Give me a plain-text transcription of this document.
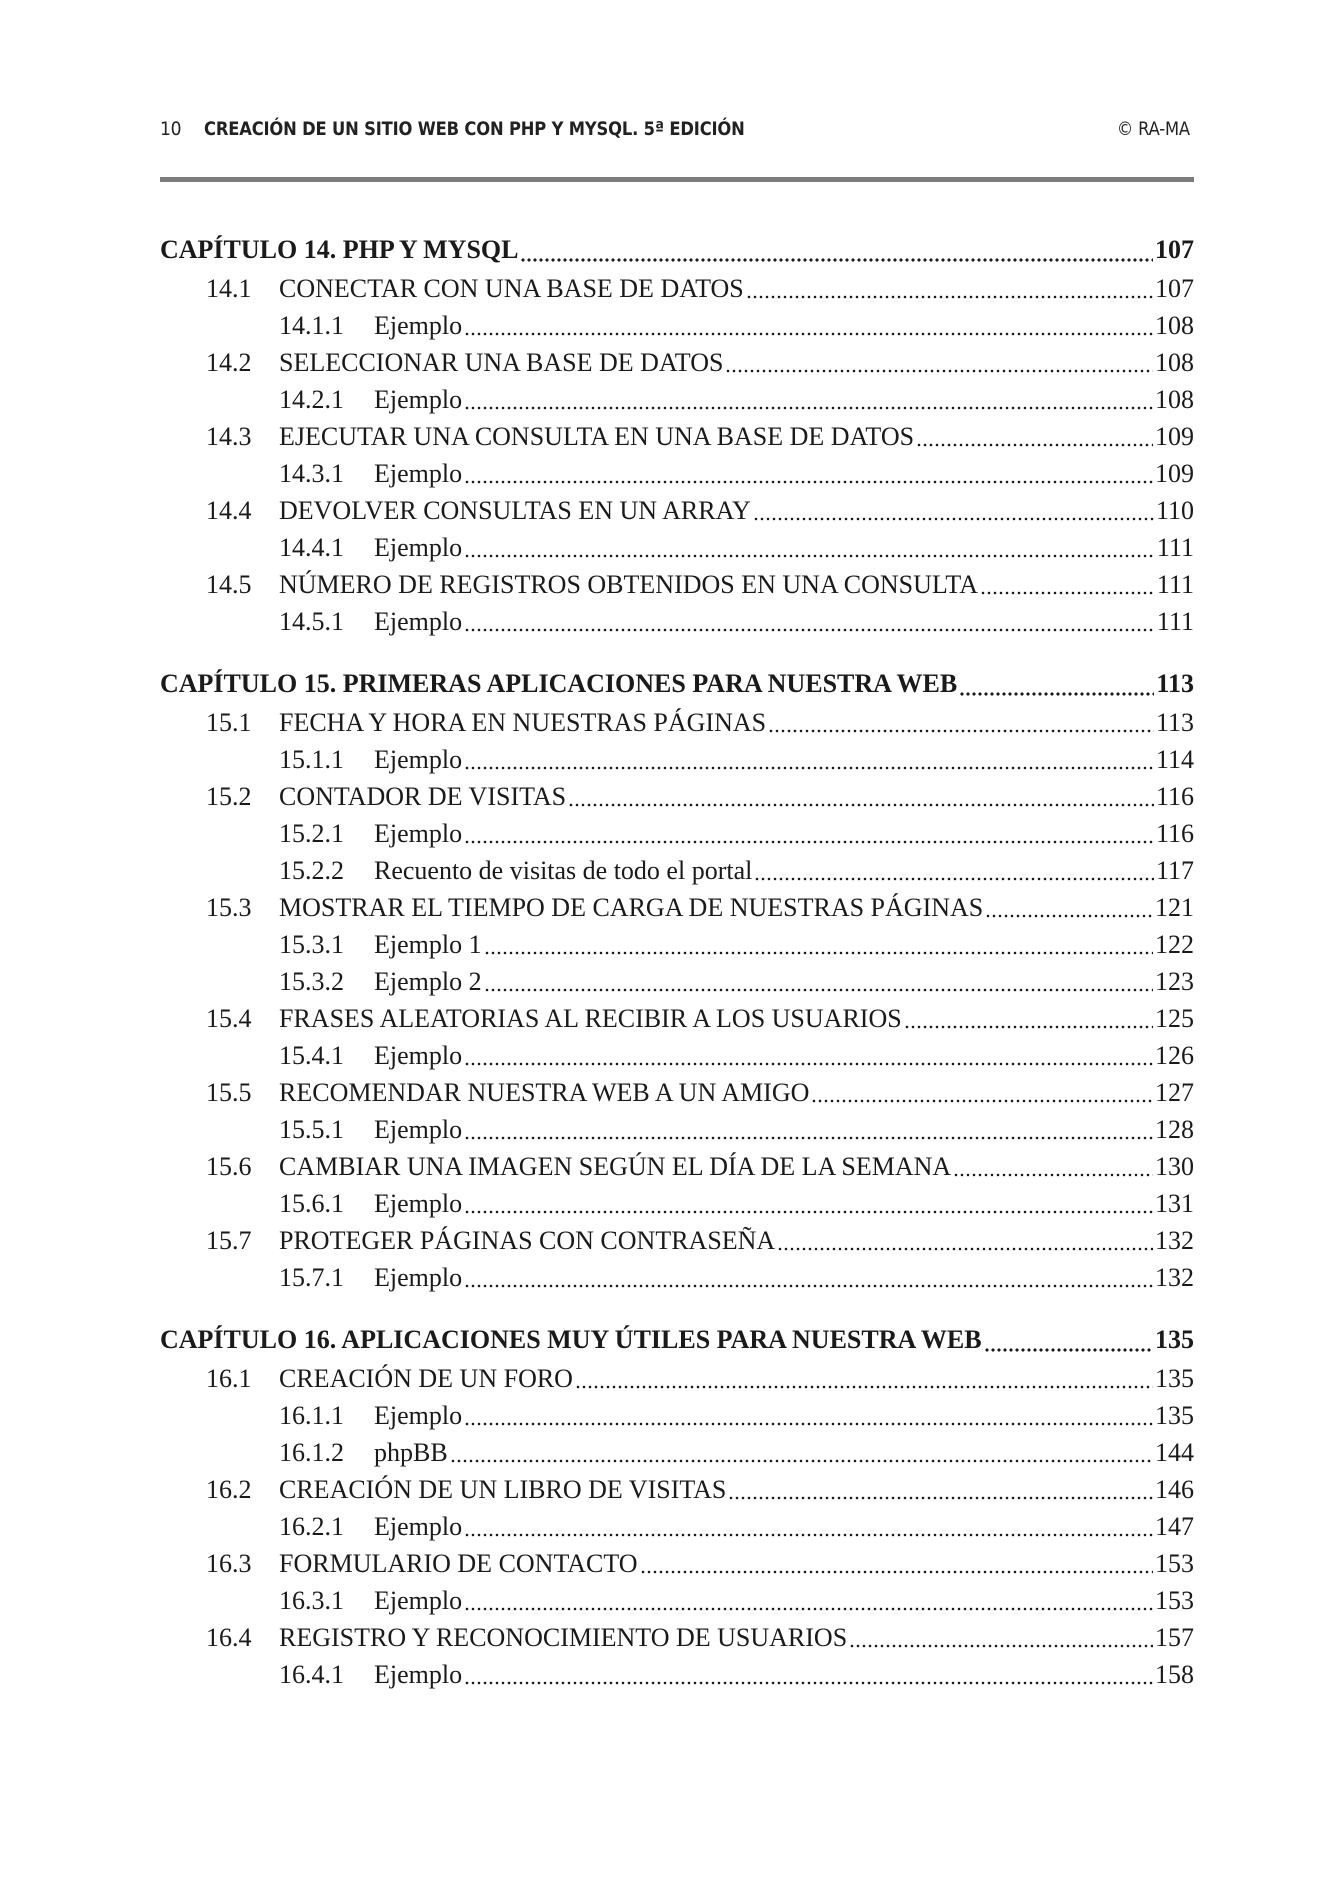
10 CREACIÓN DE UN SITIO WEB CON PHP Y MYSQL. 5ª EDICIÓN	© RA-MA
CAPÍTULO 14. PHP Y MYSQL	107
14.1	CONECTAR CON UNA BASE DE DATOS	107
14.1.1	Ejemplo	108
14.2	SELECCIONAR UNA BASE DE DATOS	108
14.2.1	Ejemplo	108
14.3	EJECUTAR UNA CONSULTA EN UNA BASE DE DATOS	109
14.3.1	Ejemplo	109
14.4	DEVOLVER CONSULTAS EN UN ARRAY	110
14.4.1	Ejemplo	111
14.5	NÚMERO DE REGISTROS OBTENIDOS EN UNA CONSULTA	111
14.5.1	Ejemplo	111
CAPÍTULO 15. PRIMERAS APLICACIONES PARA NUESTRA WEB	113
15.1	FECHA Y HORA EN NUESTRAS PÁGINAS	113
15.1.1	Ejemplo	114
15.2	CONTADOR DE VISITAS	116
15.2.1	Ejemplo	116
15.2.2	Recuento de visitas de todo el portal	117
15.3	MOSTRAR EL TIEMPO DE CARGA DE NUESTRAS PÁGINAS	121
15.3.1	Ejemplo 1	122
15.3.2	Ejemplo 2	123
15.4	FRASES ALEATORIAS AL RECIBIR A LOS USUARIOS	125
15.4.1	Ejemplo	126
15.5	RECOMENDAR NUESTRA WEB A UN AMIGO	127
15.5.1	Ejemplo	128
15.6	CAMBIAR UNA IMAGEN SEGÚN EL DÍA DE LA SEMANA	130
15.6.1	Ejemplo	131
15.7	PROTEGER PÁGINAS CON CONTRASEÑA	132
15.7.1	Ejemplo	132
CAPÍTULO 16. APLICACIONES MUY ÚTILES PARA NUESTRA WEB	135
16.1	CREACIÓN DE UN FORO	135
16.1.1	Ejemplo	135
16.1.2	phpBB	144
16.2	CREACIÓN DE UN LIBRO DE VISITAS	146
16.2.1	Ejemplo	147
16.3	FORMULARIO DE CONTACTO	153
16.3.1	Ejemplo	153
16.4	REGISTRO Y RECONOCIMIENTO DE USUARIOS	157
16.4.1	Ejemplo	158
